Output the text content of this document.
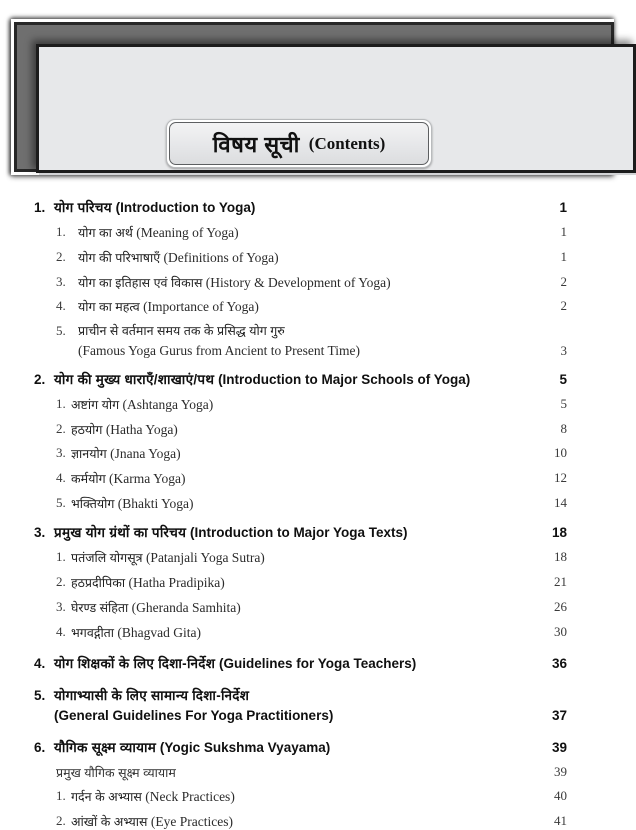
विषय सूची (Contents)
1. योग परिचय (Introduction to Yoga)	1
1. योग का अर्थ (Meaning of Yoga)	1
2. योग की परिभाषाएँ (Definitions of Yoga)	1
3. योग का इतिहास एवं विकास (History & Development of Yoga)	2
4. योग का महत्व (Importance of Yoga)	2
5. प्राचीन से वर्तमान समय तक के प्रसिद्ध योग गुरु
(Famous Yoga Gurus from Ancient to Present Time)	3
2. योग की मुख्य धाराएँ/शाखाएं/पथ (Introduction to Major Schools of Yoga)	5
1. अष्टांग योग (Ashtanga Yoga)	5
2. हठयोग (Hatha Yoga)	8
3. ज्ञानयोग (Jnana Yoga)	10
4. कर्मयोग (Karma Yoga)	12
5. भक्तियोग (Bhakti Yoga)	14
3. प्रमुख योग ग्रंथों का परिचय (Introduction to Major Yoga Texts)	18
1. पतंजलि योगसूत्र (Patanjali Yoga Sutra)	18
2. हठप्रदीपिका (Hatha Pradipika)	21
3. घेरण्ड संहिता (Gheranda Samhita)	26
4. भगवद्गीता (Bhagvad Gita)	30
4. योग शिक्षकों के लिए दिशा-निर्देश (Guidelines for Yoga Teachers)	36
5. योगाभ्यासी के लिए सामान्य दिशा-निर्देश
(General Guidelines For Yoga Practitioners)	37
6. यौगिक सूक्ष्म व्यायाम (Yogic Sukshma Vyayama)	39
प्रमुख यौगिक सूक्ष्म व्यायाम	39
1. गर्दन के अभ्यास (Neck Practices)	40
2. आंखों के अभ्यास (Eye Practices)	41
